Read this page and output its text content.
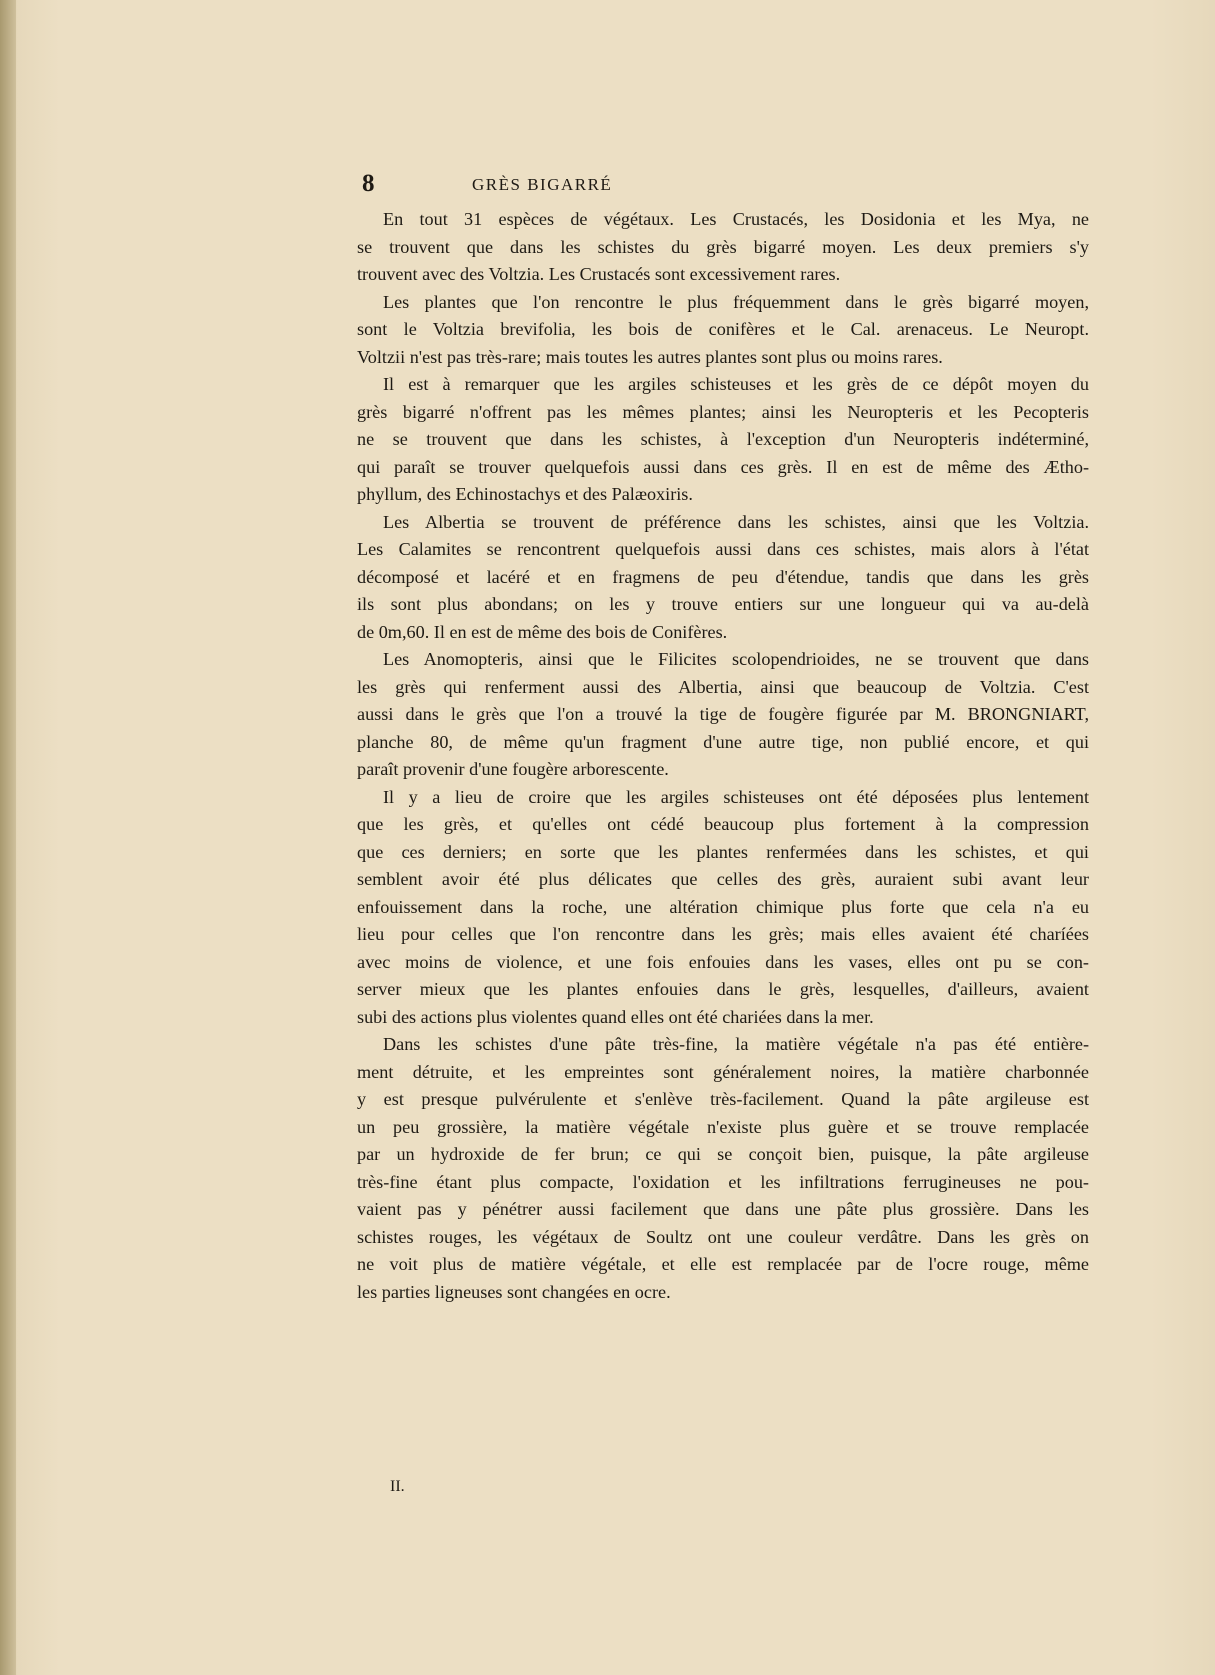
8	GRÈS BIGARRÉ

En tout 31 espèces de végétaux. Les Crustacés, les Dosidonia et les Mya, ne
se trouvent que dans les schistes du grès bigarré moyen. Les deux premiers s'y
trouvent avec des Voltzia. Les Crustacés sont excessivement rares.

Les plantes que l'on rencontre le plus fréquemment dans le grès bigarré moyen,
sont le Voltzia brevifolia, les bois de conifères et le Cal. arenaceus. Le Neuropt.
Voltzii n'est pas très-rare; mais toutes les autres plantes sont plus ou moins rares.

Il est à remarquer que les argiles schisteuses et les grès de ce dépôt moyen du
grès bigarré n'offrent pas les mêmes plantes; ainsi les Neuropteris et les Pecopteris
ne se trouvent que dans les schistes, à l'exception d'un Neuropteris indéterminé,
qui paraît se trouver quelquefois aussi dans ces grès. Il en est de même des Ætho-
phyllum, des Echinostachys et des Palæoxiris.

Les Albertia se trouvent de préférence dans les schistes, ainsi que les Voltzia.
Les Calamites se rencontrent quelquefois aussi dans ces schistes, mais alors à l'état
décomposé et lacéré et en fragmens de peu d'étendue, tandis que dans les grès
ils sont plus abondans; on les y trouve entiers sur une longueur qui va au-delà
de 0m,60. Il en est de même des bois de Conifères.

Les Anomopteris, ainsi que le Filicites scolopendrioides, ne se trouvent que dans
les grès qui renferment aussi des Albertia, ainsi que beaucoup de Voltzia. C'est
aussi dans le grès que l'on a trouvé la tige de fougère figurée par M. BRONGNIART,
planche 80, de même qu'un fragment d'une autre tige, non publié encore, et qui
paraît provenir d'une fougère arborescente.

Il y a lieu de croire que les argiles schisteuses ont été déposées plus lentement
que les grès, et qu'elles ont cédé beaucoup plus fortement à la compression
que ces derniers; en sorte que les plantes renfermées dans les schistes, et qui
semblent avoir été plus délicates que celles des grès, auraient subi avant leur
enfouissement dans la roche, une altération chimique plus forte que cela n'a eu
lieu pour celles que l'on rencontre dans les grès; mais elles avaient été charíées
avec moins de violence, et une fois enfouies dans les vases, elles ont pu se con-
server mieux que les plantes enfouies dans le grès, lesquelles, d'ailleurs, avaient
subi des actions plus violentes quand elles ont été chariées dans la mer.

Dans les schistes d'une pâte très-fine, la matière végétale n'a pas été entière-
ment détruite, et les empreintes sont généralement noires, la matière charbonnée
y est presque pulvérulente et s'enlève très-facilement. Quand la pâte argileuse est
un peu grossière, la matière végétale n'existe plus guère et se trouve remplacée
par un hydroxide de fer brun; ce qui se conçoit bien, puisque, la pâte argileuse
très-fine étant plus compacte, l'oxidation et les infiltrations ferrugineuses ne pou-
vaient pas y pénétrer aussi facilement que dans une pâte plus grossière. Dans les
schistes rouges, les végétaux de Soultz ont une couleur verdâtre. Dans les grès on
ne voit plus de matière végétale, et elle est remplacée par de l'ocre rouge, même
les parties ligneuses sont changées en ocre.

II.
